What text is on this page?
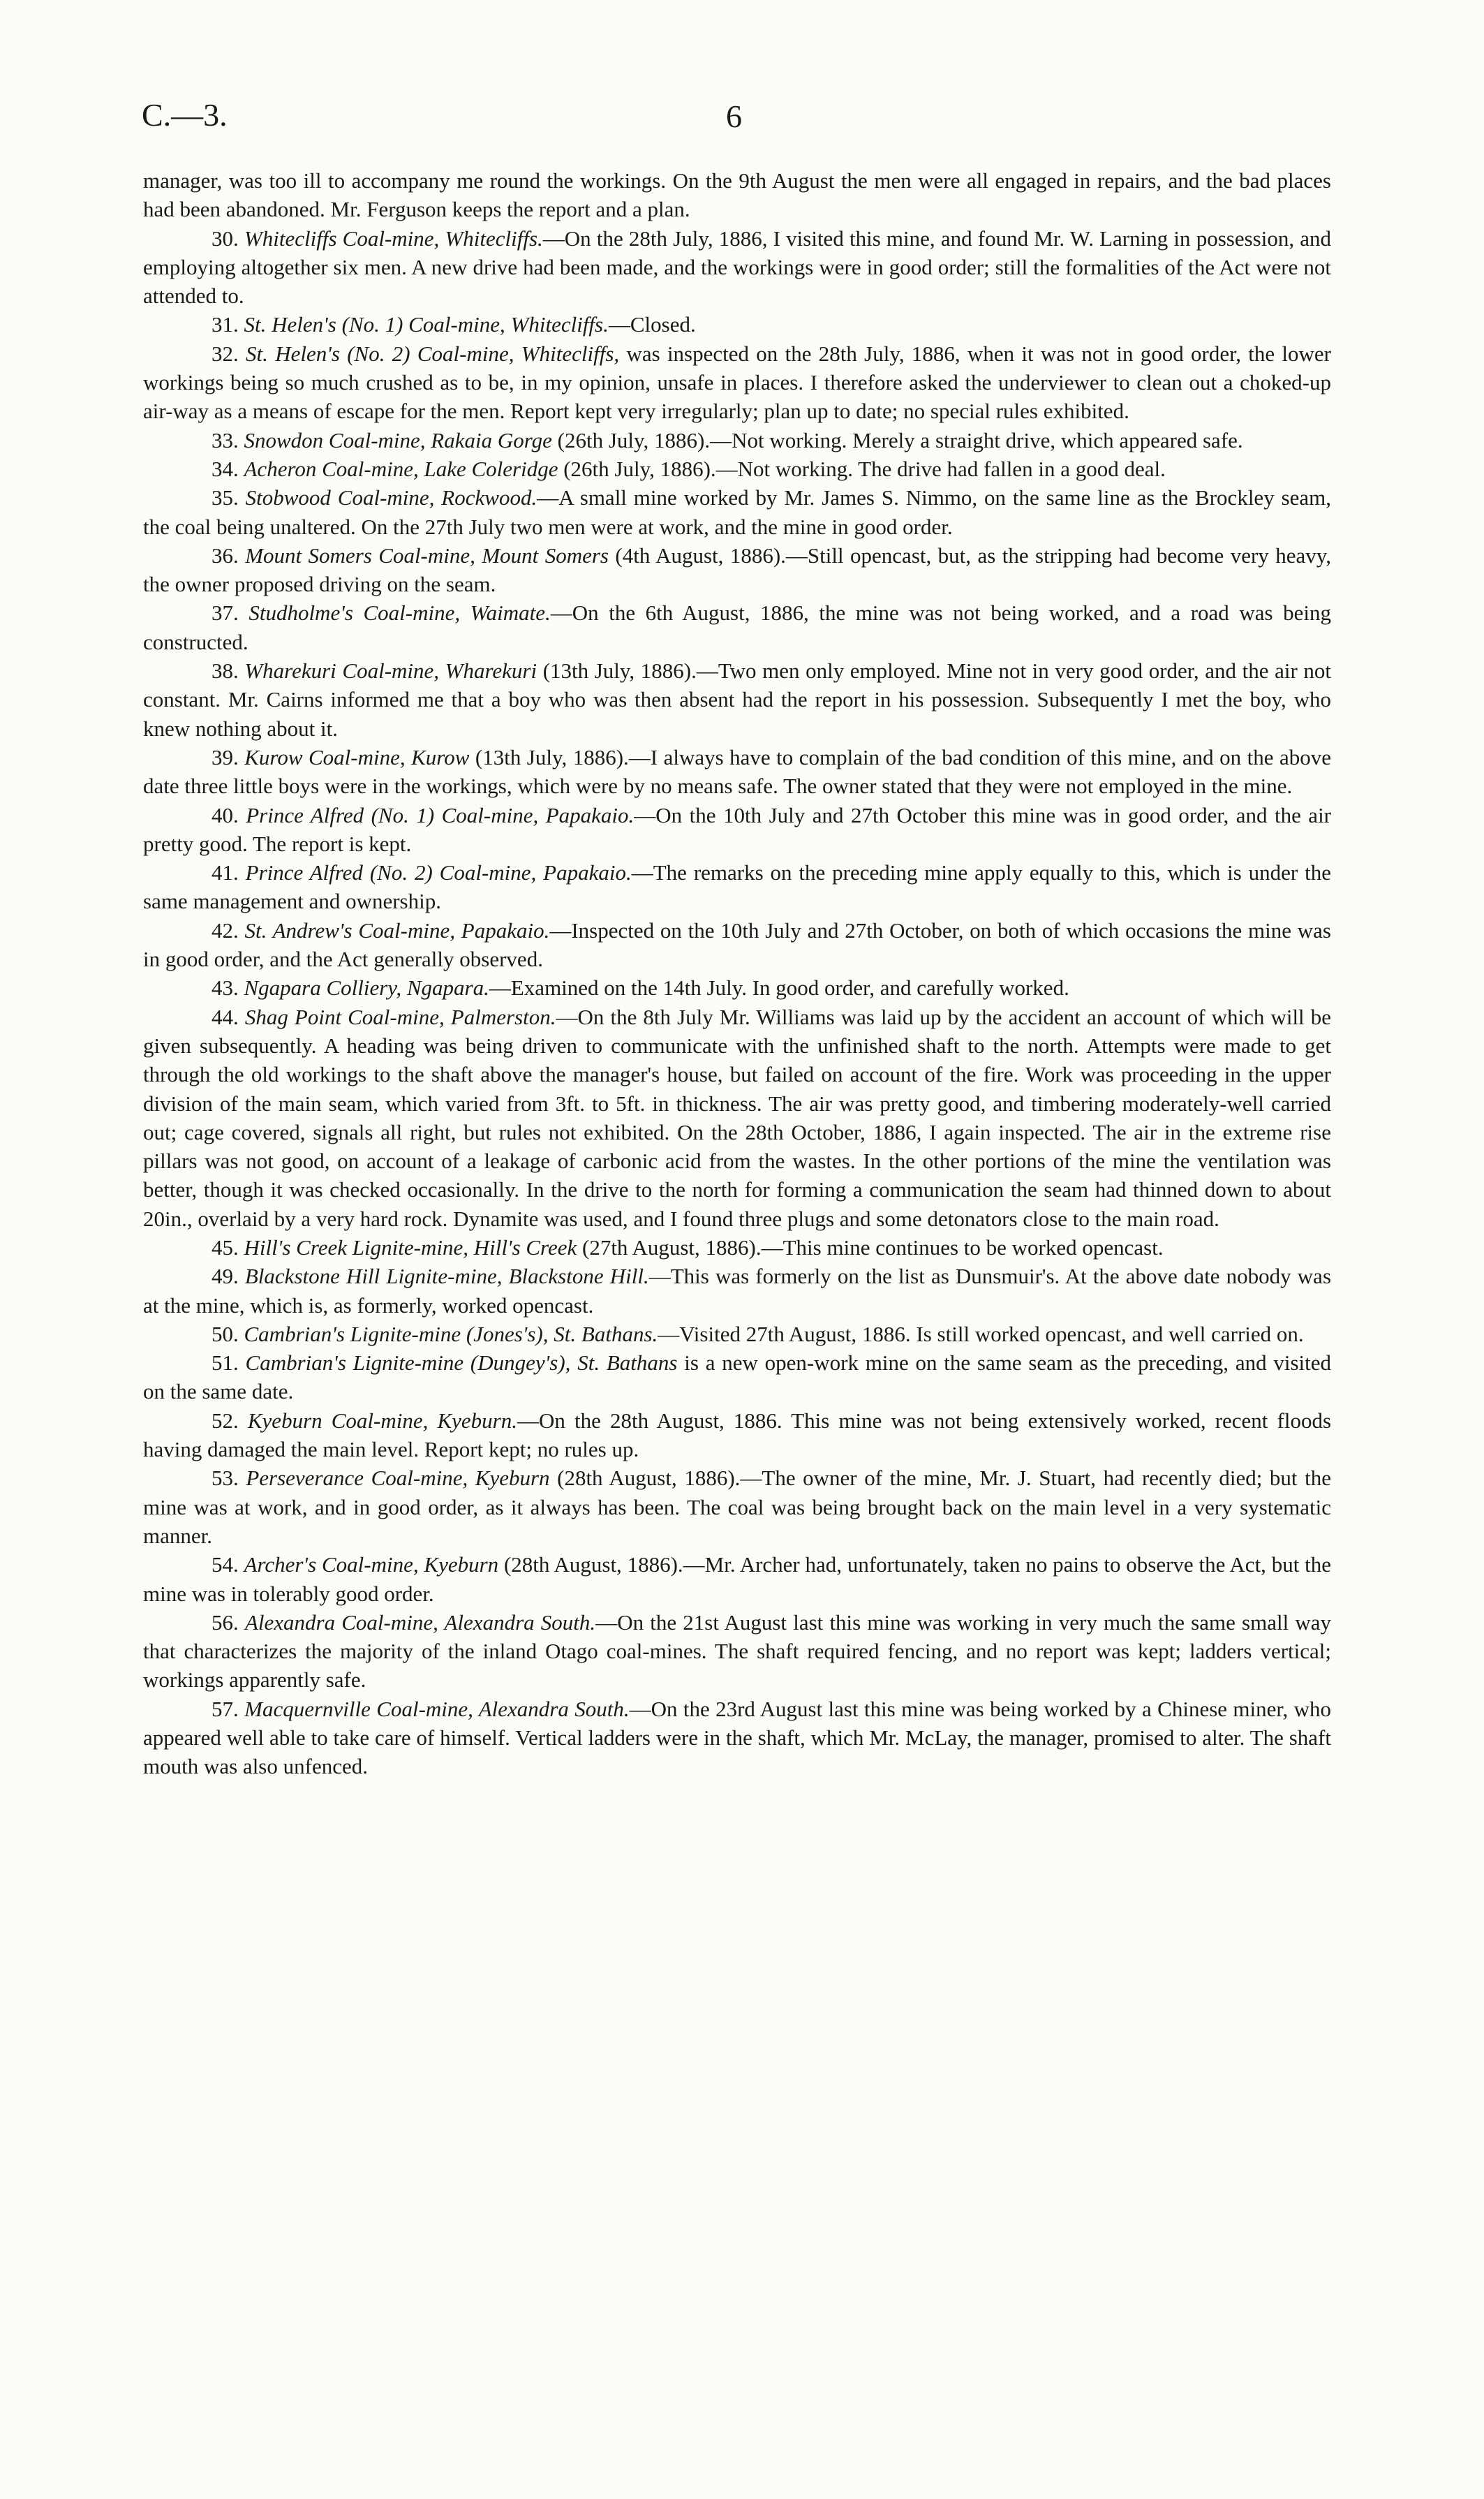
C.—3.	6

manager, was too ill to accompany me round the workings. On the 9th August the men were all engaged in repairs, and the bad places had been abandoned. Mr. Ferguson keeps the report and a plan.

30. Whitecliffs Coal-mine, Whitecliffs.—On the 28th July, 1886, I visited this mine, and found Mr. W. Larning in possession, and employing altogether six men. A new drive had been made, and the workings were in good order; still the formalities of the Act were not attended to.

31. St. Helen's (No. 1) Coal-mine, Whitecliffs.—Closed.

32. St. Helen's (No. 2) Coal-mine, Whitecliffs, was inspected on the 28th July, 1886, when it was not in good order, the lower workings being so much crushed as to be, in my opinion, unsafe in places. I therefore asked the underviewer to clean out a choked-up air-way as a means of escape for the men. Report kept very irregularly; plan up to date; no special rules exhibited.

33. Snowdon Coal-mine, Rakaia Gorge (26th July, 1886).—Not working. Merely a straight drive, which appeared safe.

34. Acheron Coal-mine, Lake Coleridge (26th July, 1886).—Not working. The drive had fallen in a good deal.

35. Stobwood Coal-mine, Rockwood.—A small mine worked by Mr. James S. Nimmo, on the same line as the Brockley seam, the coal being unaltered. On the 27th July two men were at work, and the mine in good order.

36. Mount Somers Coal-mine, Mount Somers (4th August, 1886).—Still opencast, but, as the stripping had become very heavy, the owner proposed driving on the seam.

37. Studholme's Coal-mine, Waimate.—On the 6th August, 1886, the mine was not being worked, and a road was being constructed.

38. Wharekuri Coal-mine, Wharekuri (13th July, 1886).—Two men only employed. Mine not in very good order, and the air not constant. Mr. Cairns informed me that a boy who was then absent had the report in his possession. Subsequently I met the boy, who knew nothing about it.

39. Kurow Coal-mine, Kurow (13th July, 1886).—I always have to complain of the bad condition of this mine, and on the above date three little boys were in the workings, which were by no means safe. The owner stated that they were not employed in the mine.

40. Prince Alfred (No. 1) Coal-mine, Papakaio.—On the 10th July and 27th October this mine was in good order, and the air pretty good. The report is kept.

41. Prince Alfred (No. 2) Coal-mine, Papakaio.—The remarks on the preceding mine apply equally to this, which is under the same management and ownership.

42. St. Andrew's Coal-mine, Papakaio.—Inspected on the 10th July and 27th October, on both of which occasions the mine was in good order, and the Act generally observed.

43. Ngapara Colliery, Ngapara.—Examined on the 14th July. In good order, and carefully worked.

44. Shag Point Coal-mine, Palmerston.—On the 8th July Mr. Williams was laid up by the accident an account of which will be given subsequently. A heading was being driven to communicate with the unfinished shaft to the north. Attempts were made to get through the old workings to the shaft above the manager's house, but failed on account of the fire. Work was proceeding in the upper division of the main seam, which varied from 3ft. to 5ft. in thickness. The air was pretty good, and timbering moderately-well carried out; cage covered, signals all right, but rules not exhibited. On the 28th October, 1886, I again inspected. The air in the extreme rise pillars was not good, on account of a leakage of carbonic acid from the wastes. In the other portions of the mine the ventilation was better, though it was checked occasionally. In the drive to the north for forming a communication the seam had thinned down to about 20in., overlaid by a very hard rock. Dynamite was used, and I found three plugs and some detonators close to the main road.

45. Hill's Creek Lignite-mine, Hill's Creek (27th August, 1886).—This mine continues to be worked opencast.

49. Blackstone Hill Lignite-mine, Blackstone Hill.—This was formerly on the list as Dunsmuir's. At the above date nobody was at the mine, which is, as formerly, worked opencast.

50. Cambrian's Lignite-mine (Jones's), St. Bathans.—Visited 27th August, 1886. Is still worked opencast, and well carried on.

51. Cambrian's Lignite-mine (Dungey's), St. Bathans is a new open-work mine on the same seam as the preceding, and visited on the same date.

52. Kyeburn Coal-mine, Kyeburn.—On the 28th August, 1886. This mine was not being extensively worked, recent floods having damaged the main level. Report kept; no rules up.

53. Perseverance Coal-mine, Kyeburn (28th August, 1886).—The owner of the mine, Mr. J. Stuart, had recently died; but the mine was at work, and in good order, as it always has been. The coal was being brought back on the main level in a very systematic manner.

54. Archer's Coal-mine, Kyeburn (28th August, 1886).—Mr. Archer had, unfortunately, taken no pains to observe the Act, but the mine was in tolerably good order.

56. Alexandra Coal-mine, Alexandra South.—On the 21st August last this mine was working in very much the same small way that characterizes the majority of the inland Otago coal-mines. The shaft required fencing, and no report was kept; ladders vertical; workings apparently safe.

57. Macquernville Coal-mine, Alexandra South.—On the 23rd August last this mine was being worked by a Chinese miner, who appeared well able to take care of himself. Vertical ladders were in the shaft, which Mr. McLay, the manager, promised to alter. The shaft mouth was also unfenced.
